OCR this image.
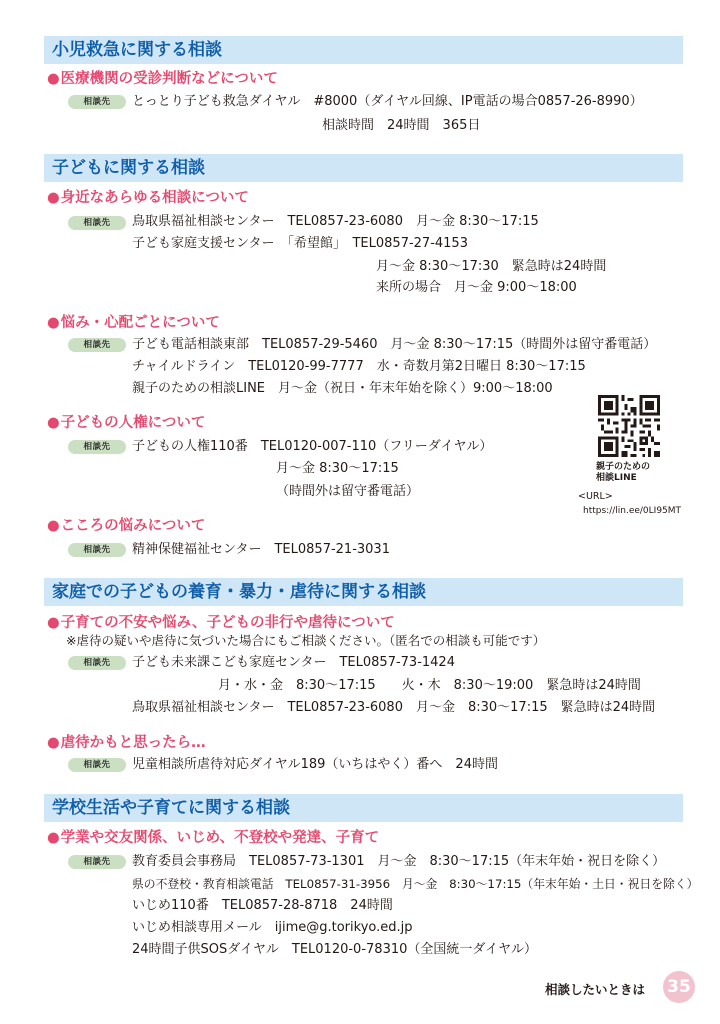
小児救急に関する相談
●医療機関の受診判断などについて
相談先	とっとり子ども救急ダイヤル　#8000（ダイヤル回線、IP電話の場合0857-26-8990）
相談時間　24時間　365日
子どもに関する相談
●身近なあらゆる相談について
相談先	鳥取県福祉相談センター　TEL0857-23-6080　月～金 8:30～17:15
子ども家庭支援センター　「希望館」　TEL0857-27-4153
月～金 8:30～17:30　緊急時は24時間
来所の場合　月～金 9:00～18:00
●悩み・心配ごとについて
相談先	子ども電話相談東部　TEL0857-29-5460　月～金 8:30～17:15（時間外は留守番電話）
チャイルドライン　TEL0120-99-7777　水・奇数月第2日曜日 8:30～17:15
親子のための相談LINE　月～金（祝日・年末年始を除く）9:00～18:00
●子どもの人権について
相談先	子どもの人権110番　TEL0120-007-110（フリーダイヤル）
月～金 8:30～17:15
（時間外は留守番電話）
親子のための
相談LINE
<URL>
https://lin.ee/0LI95MT
●こころの悩みについて
相談先	精神保健福祉センター　TEL0857-21-3031
家庭での子どもの養育・暴力・虐待に関する相談
●子育ての不安や悩み、子どもの非行や虐待について
※虐待の疑いや虐待に気づいた場合にもご相談ください。（匿名での相談も可能です）
相談先	子ども未来課こども家庭センター　TEL0857-73-1424
月・水・金　8:30～17:15　　火・木　8:30～19:00　緊急時は24時間
鳥取県福祉相談センター　TEL0857-23-6080　月～金　8:30～17:15　緊急時は24時間
●虐待かもと思ったら…
相談先	児童相談所虐待対応ダイヤル189（いちはやく）番へ　24時間
学校生活や子育てに関する相談
●学業や交友関係、いじめ、不登校や発達、子育て
相談先	教育委員会事務局　TEL0857-73-1301　月～金　8:30～17:15（年末年始・祝日を除く）
県の不登校・教育相談電話　TEL0857-31-3956　月～金　8:30～17:15（年末年始・土日・祝日を除く）
いじめ110番　TEL0857-28-8718　24時間
いじめ相談専用メール　ijime@g.torikyo.ed.jp
24時間子供SOSダイヤル　TEL0120-0-78310（全国統一ダイヤル）
相談したいときは 35
